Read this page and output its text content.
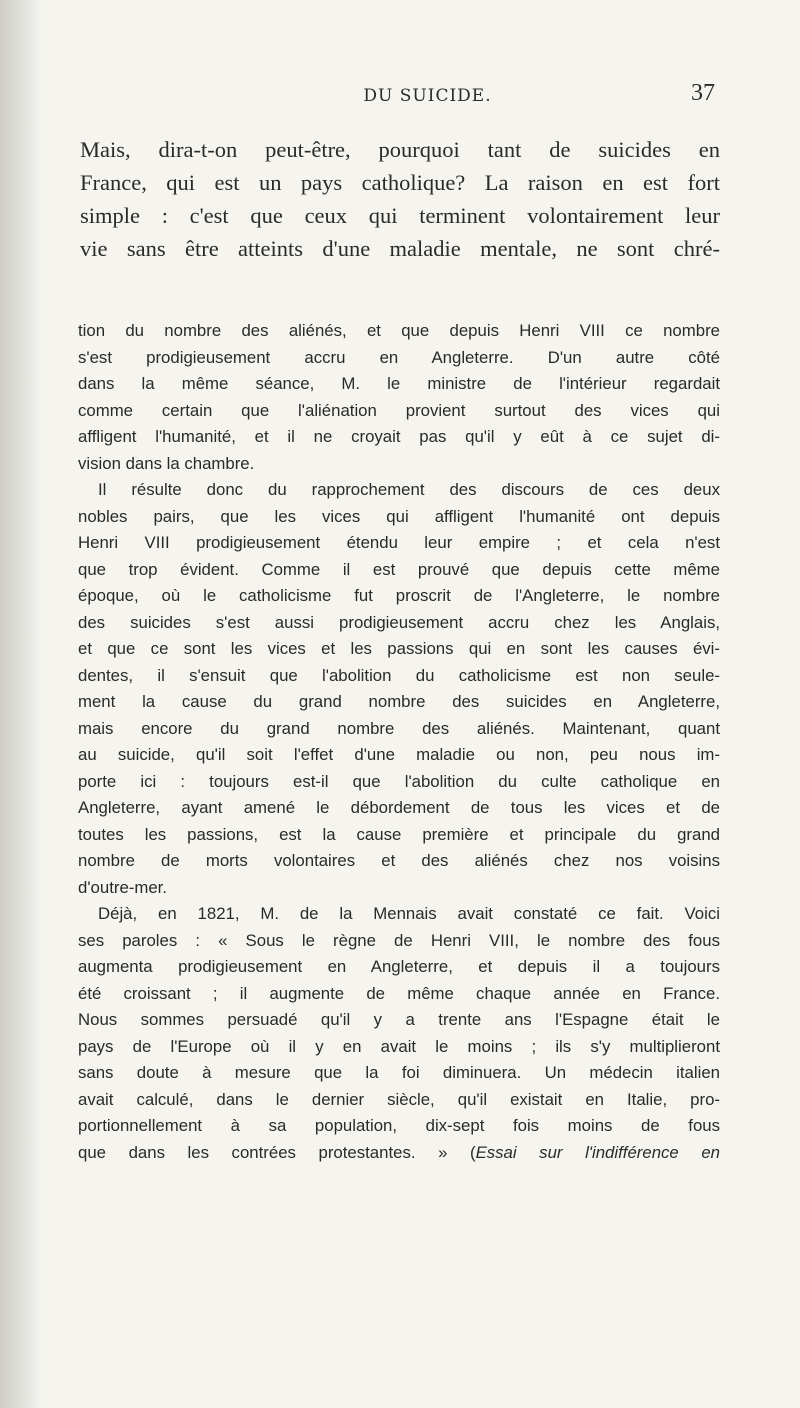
DU SUICIDE.	37
Mais, dira-t-on peut-être, pourquoi tant de suicides en
France, qui est un pays catholique? La raison en est fort
simple : c'est que ceux qui terminent volontairement leur
vie sans être atteints d'une maladie mentale, ne sont chré-
tion du nombre des aliénés, et que depuis Henri VIII ce nombre
s'est prodigieusement accru en Angleterre. D'un autre côté
dans la même séance, M. le ministre de l'intérieur regardait
comme certain que l'aliénation provient surtout des vices qui
affligent l'humanité, et il ne croyait pas qu'il y eût à ce sujet di-
vision dans la chambre.
Il résulte donc du rapprochement des discours de ces deux
nobles pairs, que les vices qui affligent l'humanité ont depuis
Henri VIII prodigieusement étendu leur empire ; et cela n'est
que trop évident. Comme il est prouvé que depuis cette même
époque, où le catholicisme fut proscrit de l'Angleterre, le nombre
des suicides s'est aussi prodigieusement accru chez les Anglais,
et que ce sont les vices et les passions qui en sont les causes évi-
dentes, il s'ensuit que l'abolition du catholicisme est non seule-
ment la cause du grand nombre des suicides en Angleterre,
mais encore du grand nombre des aliénés. Maintenant, quant
au suicide, qu'il soit l'effet d'une maladie ou non, peu nous im-
porte ici : toujours est-il que l'abolition du culte catholique en
Angleterre, ayant amené le débordement de tous les vices et de
toutes les passions, est la cause première et principale du grand
nombre de morts volontaires et des aliénés chez nos voisins
d'outre-mer.
Déjà, en 1821, M. de la Mennais avait constaté ce fait. Voici
ses paroles : « Sous le règne de Henri VIII, le nombre des fous
augmenta prodigieusement en Angleterre, et depuis il a toujours
été croissant ; il augmente de même chaque année en France.
Nous sommes persuadé qu'il y a trente ans l'Espagne était le
pays de l'Europe où il y en avait le moins ; ils s'y multiplieront
sans doute à mesure que la foi diminuera. Un médecin italien
avait calculé, dans le dernier siècle, qu'il existait en Italie, pro-
portionnellement à sa population, dix-sept fois moins de fous
que dans les contrées protestantes. » (Essai sur l'indifférence en
